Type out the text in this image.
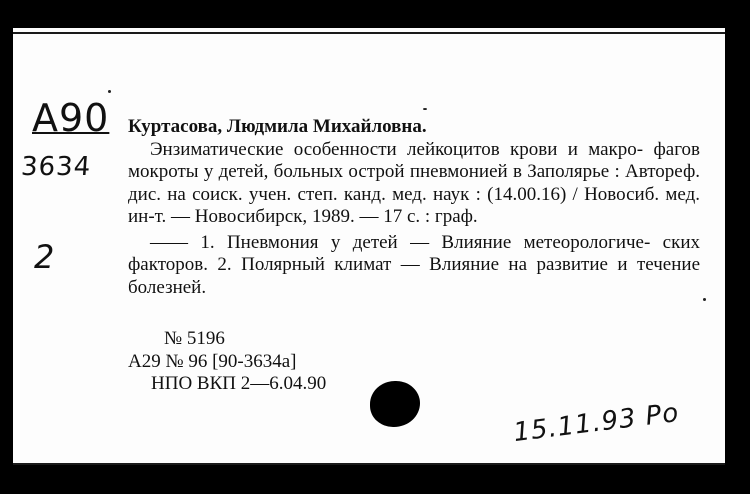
A90
3634
2

Куртасова, Людмила Михайловна.

Энзиматические особенности лейкоцитов крови и макро- фагов мокроты у детей, больных острой пневмонией в Заполярье : Автореф. дис. на соиск. учен. степ. канд. мед. наук : (14.00.16) / Новосиб. мед. ин-т. — Новосибирск, 1989. — 17 с. : граф.

—— 1. Пневмония у детей — Влияние метеорологиче- ских факторов. 2. Полярный климат — Влияние на развитие и течение болезней.

№ 5196
А29 № 96 [90-3634а]
НПО ВКП 2—6.04.90
15.11.93 Ро
